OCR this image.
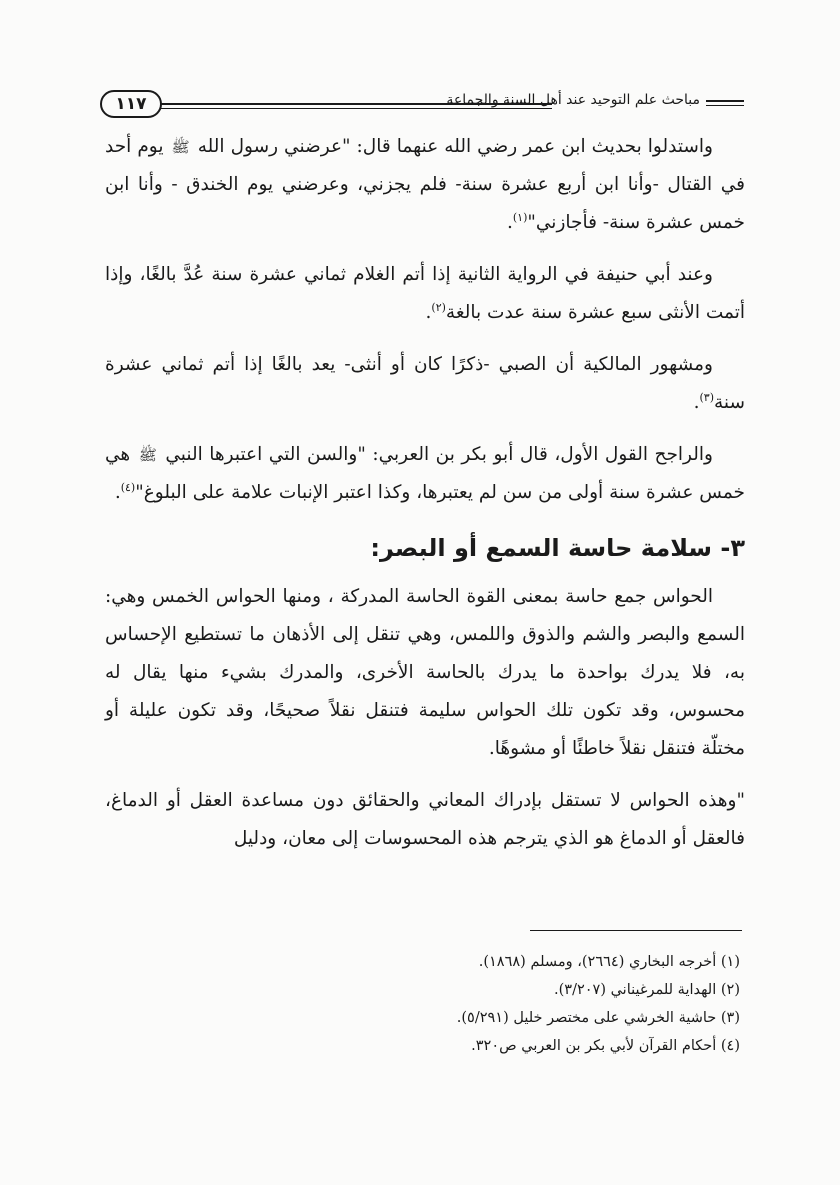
١١٧	مباحث علم التوحيد عند أهل السنة والجماعة

واستدلوا بحديث ابن عمر رضي الله عنهما قال: "عرضني رسول الله ﷺ يوم أحد في القتال -وأنا ابن أربع عشرة سنة- فلم يجزني، وعرضني يوم الخندق - وأنا ابن خمس عشرة سنة- فأجازني"$^{(١)}$.

وعند أبي حنيفة في الرواية الثانية إذا أتم الغلام ثماني عشرة سنة عُدَّ بالغًا، وإذا أتمت الأنثى سبع عشرة سنة عدت بالغة$^{(٢)}$.

ومشهور المالكية أن الصبي -ذكرًا كان أو أنثى- يعد بالغًا إذا أتم ثماني عشرة سنة$^{(٣)}$.

والراجح القول الأول، قال أبو بكر بن العربي: "والسن التي اعتبرها النبي ﷺ هي خمس عشرة سنة أولى من سن لم يعتبرها، وكذا اعتبر الإنبات علامة على البلوغ"$^{(٤)}$.

٣- سلامة حاسة السمع أو البصر:

الحواس جمع حاسة بمعنى القوة الحاسة المدركة ، ومنها الحواس الخمس وهي: السمع والبصر والشم والذوق واللمس، وهي تنقل إلى الأذهان ما تستطيع الإحساس به، فلا يدرك بواحدة ما يدرك بالحاسة الأخرى، والمدرك بشيء منها يقال له محسوس، وقد تكون تلك الحواس سليمة فتنقل نقلاً صحيحًا، وقد تكون عليلة أو مختلّة فتنقل نقلاً خاطئًا أو مشوهًا.

"وهذه الحواس لا تستقل بإدراك المعاني والحقائق دون مساعدة العقل أو الدماغ، فالعقل أو الدماغ هو الذي يترجم هذه المحسوسات إلى معان، ودليل

(١) أخرجه البخاري (٢٦٦٤)، ومسلم (١٨٦٨).
(٢) الهداية للمرغيناني (٣/٢٠٧).
(٣) حاشية الخرشي على مختصر خليل (٥/٢٩١).
(٤) أحكام القرآن لأبي بكر بن العربي ص٣٢٠.
